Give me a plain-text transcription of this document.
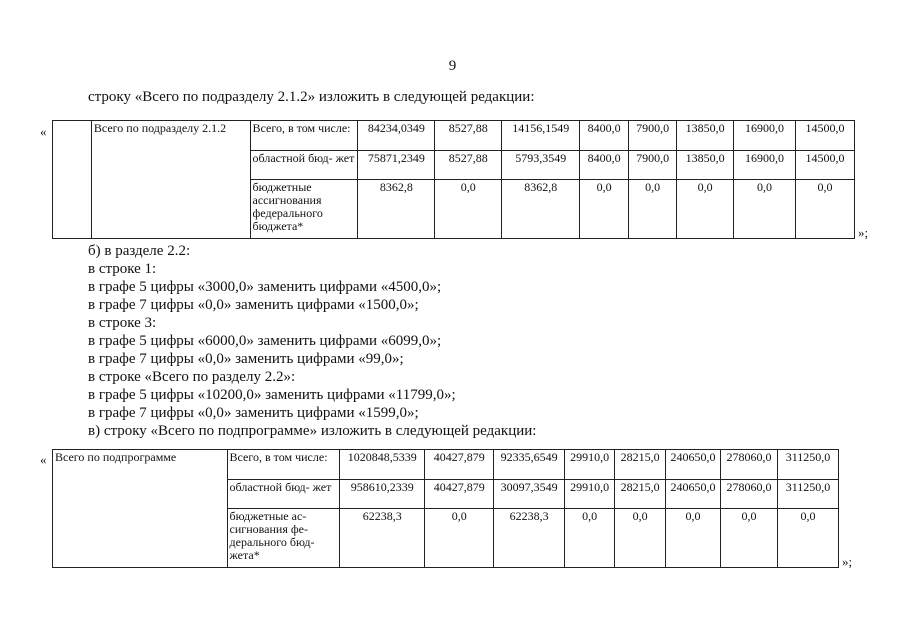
9
строку «Всего по подразделу 2.1.2» изложить в следующей редакции:
«
		Всего по подразделу 2.1.2	Всего, в том числе:	84234,0349	8527,88	14156,1549	8400,0	7900,0	13850,0	16900,0	14500,0
		областной бюд- жет	75871,2349	8527,88	5793,3549	8400,0	7900,0	13850,0	16900,0	14500,0
		бюджетные ассигнования федерального бюджета*	8362,8	0,0	8362,8	0,0	0,0	0,0	0,0	0,0
»;
б) в разделе 2.2:
в строке 1:
в графе 5 цифры «3000,0» заменить цифрами «4500,0»;
в графе 7 цифры «0,0» заменить цифрами «1500,0»;
в строке 3:
в графе 5 цифры «6000,0» заменить цифрами «6099,0»;
в графе 7 цифры «0,0» заменить цифрами «99,0»;
в строке «Всего по разделу 2.2»:
в графе 5 цифры «10200,0» заменить цифрами «11799,0»;
в графе 7 цифры «0,0» заменить цифрами «1599,0»;
в) строку «Всего по подпрограмме» изложить в следующей редакции:
« Всего по подпрограмме	Всего, в том числе:	1020848,5339	40427,879	92335,6549	29910,0	28215,0	240650,0	278060,0	311250,0
	областной бюд- жет	958610,2339	40427,879	30097,3549	29910,0	28215,0	240650,0	278060,0	311250,0
	бюджетные ас- сигнования фе- дерального бюд- жета*	62238,3	0,0	62238,3	0,0	0,0	0,0	0,0	0,0
»;
